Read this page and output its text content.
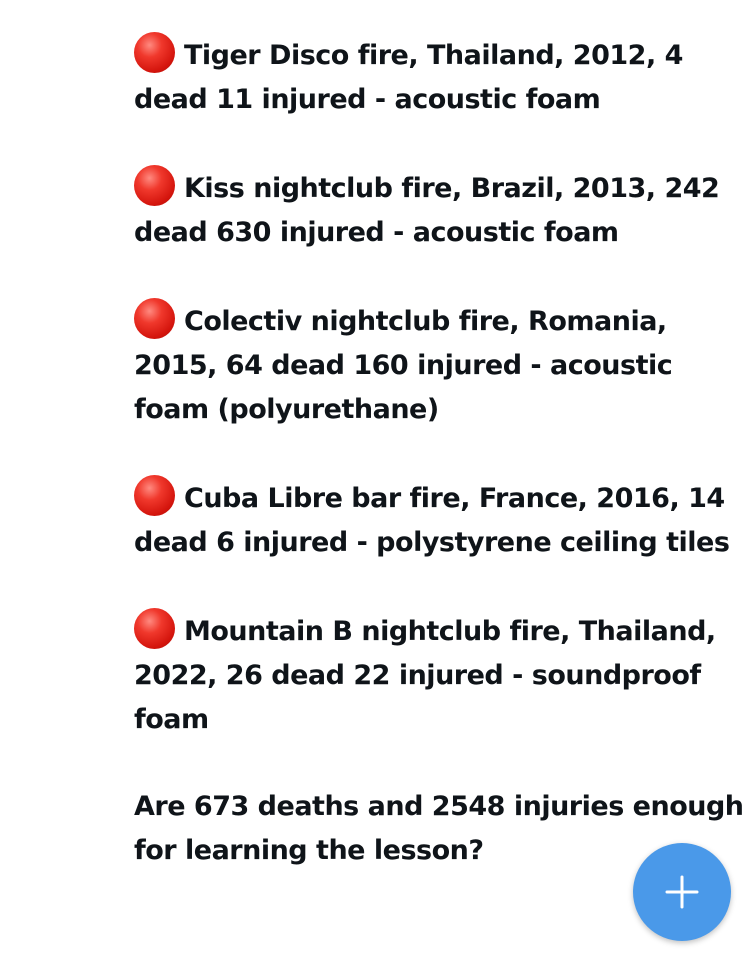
Tiger Disco fire, Thailand, 2012, 4 dead 11 injured - acoustic foam

Kiss nightclub fire, Brazil, 2013, 242 dead 630 injured - acoustic foam

Colectiv nightclub fire, Romania, 2015, 64 dead 160 injured - acoustic foam (polyurethane)

Cuba Libre bar fire, France, 2016, 14 dead 6 injured - polystyrene ceiling tiles

Mountain B nightclub fire, Thailand, 2022, 26 dead 22 injured - soundproof foam

Are 673 deaths and 2548 injuries enough for learning the lesson?
